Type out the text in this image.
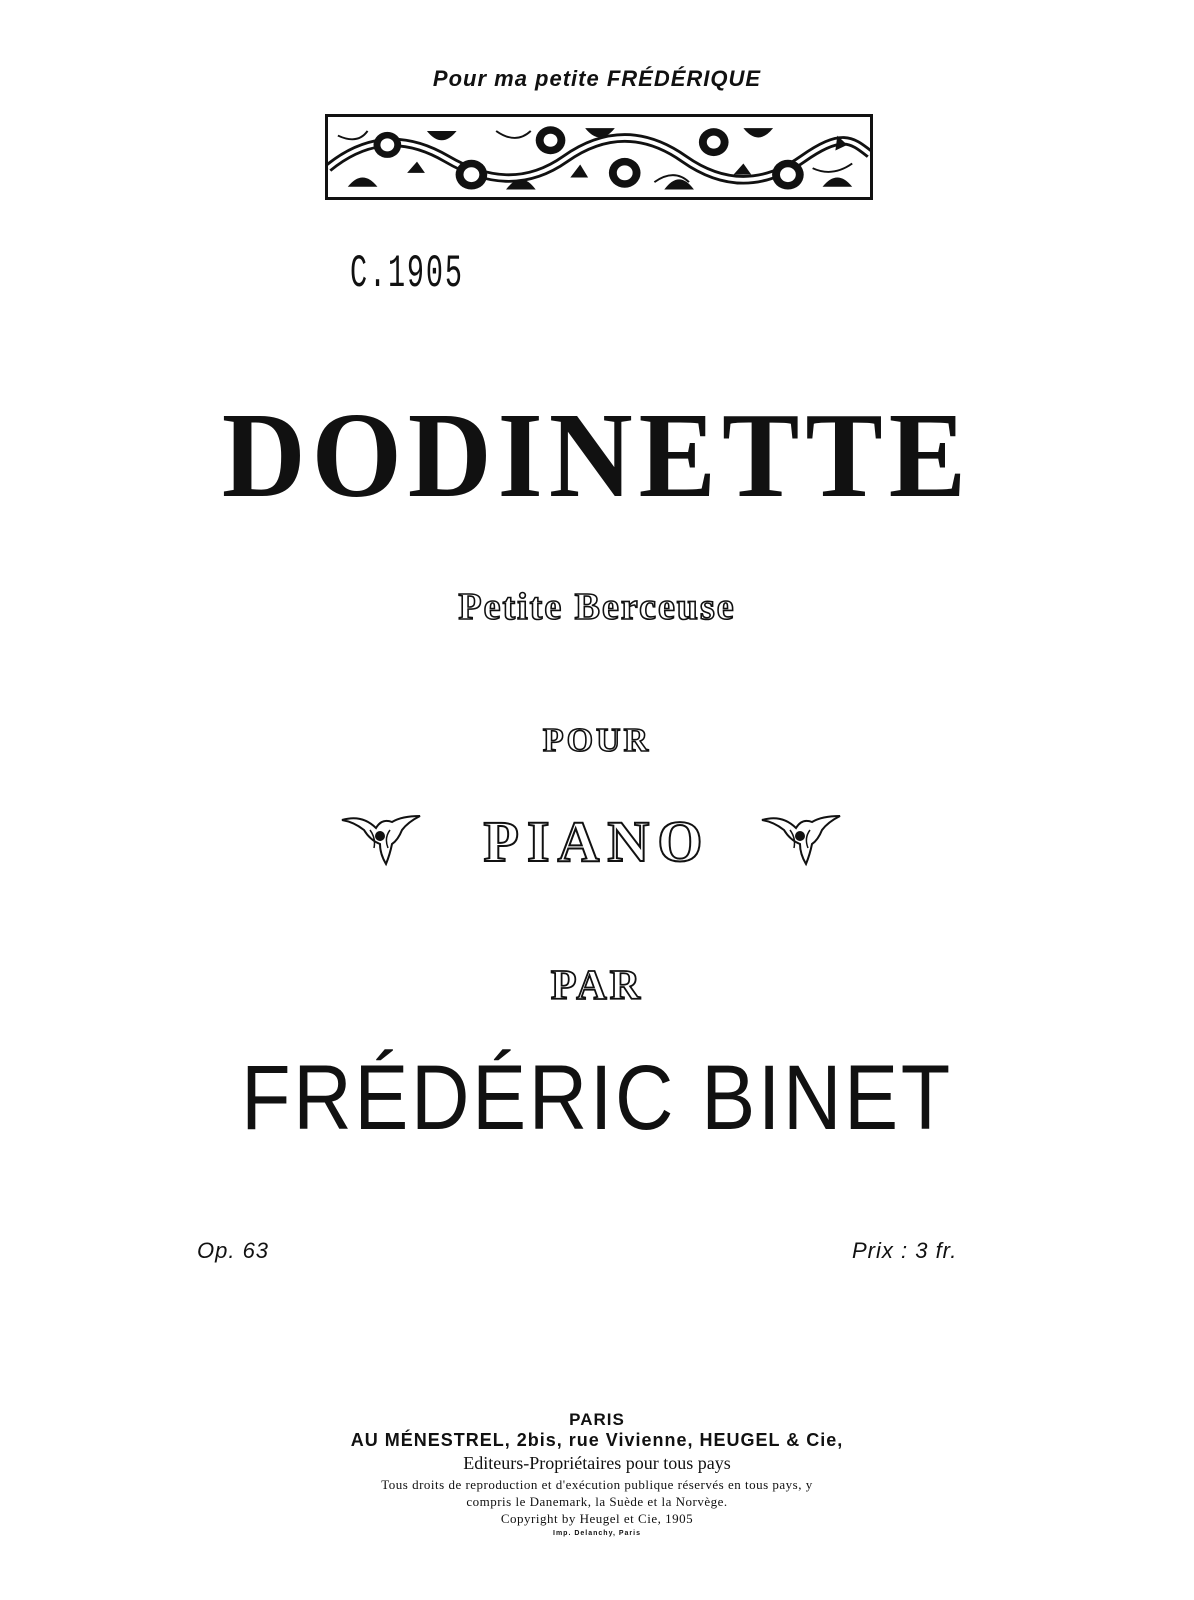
Pour ma petite FRÉDÉRIQUE
C.1905
DODINETTE
Petite Berceuse
POUR
PIANO
PAR
FRÉDÉRIC BINET
Op. 63	Prix : 3 fr.
PARIS
AU MÉNESTREL, 2bis, rue Vivienne, HEUGEL & Cie,
Editeurs-Propriétaires pour tous pays
Tous droits de reproduction et d'exécution publique réservés en tous pays, y
compris le Danemark, la Suède et la Norvège.
Copyright by Heugel et Cie, 1905
Imp. Delanchy, Paris
